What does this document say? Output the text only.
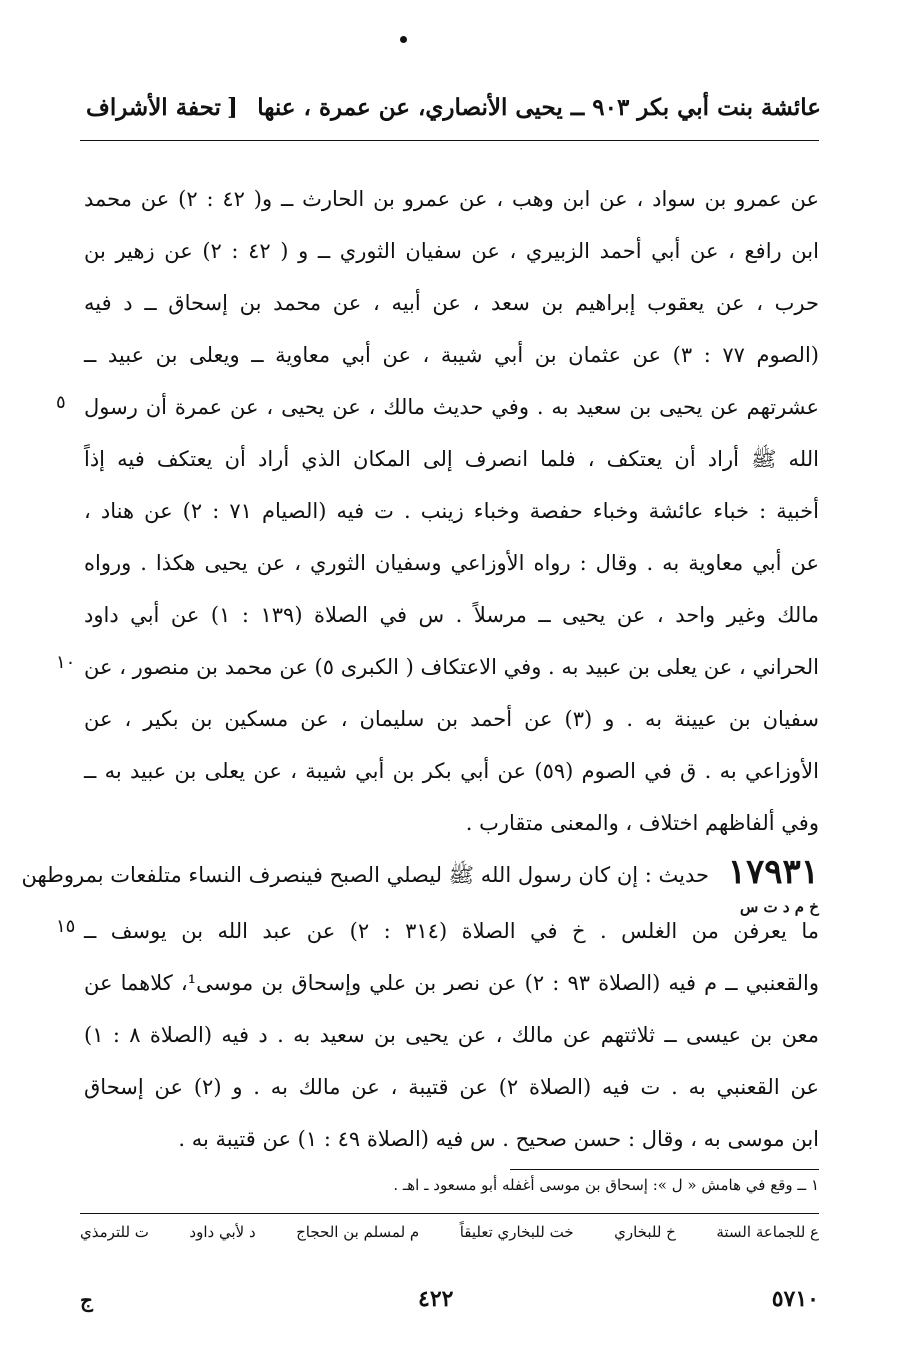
عائشة بنت أبي بكر ٩٠٣ ــ يحيى الأنصاري، عن عمرة ، عنها
[تحفة الأشراف
عن عمرو بن سواد ، عن ابن وهب ، عن عمرو بن الحارث ــ و( ٤٢ : ٢) عن محمد
ابن رافع ، عن أبي أحمد الزبيري ، عن سفيان الثوري ــ و ( ٤٢ : ٢) عن زهير بن
حرب ، عن يعقوب إبراهيم بن سعد ، عن أبيه ، عن محمد بن إسحاق ــ د فيه
(الصوم ٧٧ : ٣) عن عثمان بن أبي شيبة ، عن أبي معاوية ــ ويعلى بن عبيد ــ
عشرتهم عن يحيى بن سعيد به . وفي حديث مالك ، عن يحيى ، عن عمرة أن رسول
الله ﷺ أراد أن يعتكف ، فلما انصرف إلى المكان الذي أراد أن يعتكف فيه إذاً
أخبية : خباء عائشة وخباء حفصة وخباء زينب . ت فيه (الصيام ٧١ : ٢) عن هناد ،
عن أبي معاوية به . وقال : رواه الأوزاعي وسفيان الثوري ، عن يحيى هكذا . ورواه
مالك وغير واحد ، عن يحيى ــ مرسلاً . س في الصلاة (١٣٩ : ١) عن أبي داود
الحراني ، عن يعلى بن عبيد به . وفي الاعتكاف ( الكبرى ٥) عن محمد بن منصور ، عن
سفيان بن عيينة به . و (٣) عن أحمد بن سليمان ، عن مسكين بن بكير ، عن
الأوزاعي به . ق في الصوم (٥٩) عن أبي بكر بن أبي شيبة ، عن يعلى بن عبيد به ــ
وفي ألفاظهم اختلاف ، والمعنى متقارب .
حديث : إن كان رسول الله ﷺ ليصلي الصبح فينصرف النساء متلفعات بمروطهن
ما يعرفن من الغلس . خ في الصلاة (٣١٤ : ٢) عن عبد الله بن يوسف ــ
والقعنبي ــ م فيه (الصلاة ٩٣ : ٢) عن نصر بن علي وإسحاق بن موسى¹، كلاهما عن
معن بن عيسى ــ ثلاثتهم عن مالك ، عن يحيى بن سعيد به . د فيه (الصلاة ٨ : ١)
عن القعنبي به . ت فيه (الصلاة ٢) عن قتيبة ، عن مالك به . و (٢) عن إسحاق
ابن موسى به ، وقال : حسن صحيح . س فيه (الصلاة ٤٩ : ١) عن قتيبة به .
١٧٩٣١
خ م د ت س
٥
١٠
١٥
١ ــ وقع في هامش « ل »: إسحاق بن موسى أغفله أبو مسعود ـ اهـ .
ع للجماعة الستة
خ للبخاري
خت للبخاري تعليقاً
م لمسلم بن الحجاج
د لأبي داود
ت للترمذي
ج	٤٢٢	٥٧١٠
